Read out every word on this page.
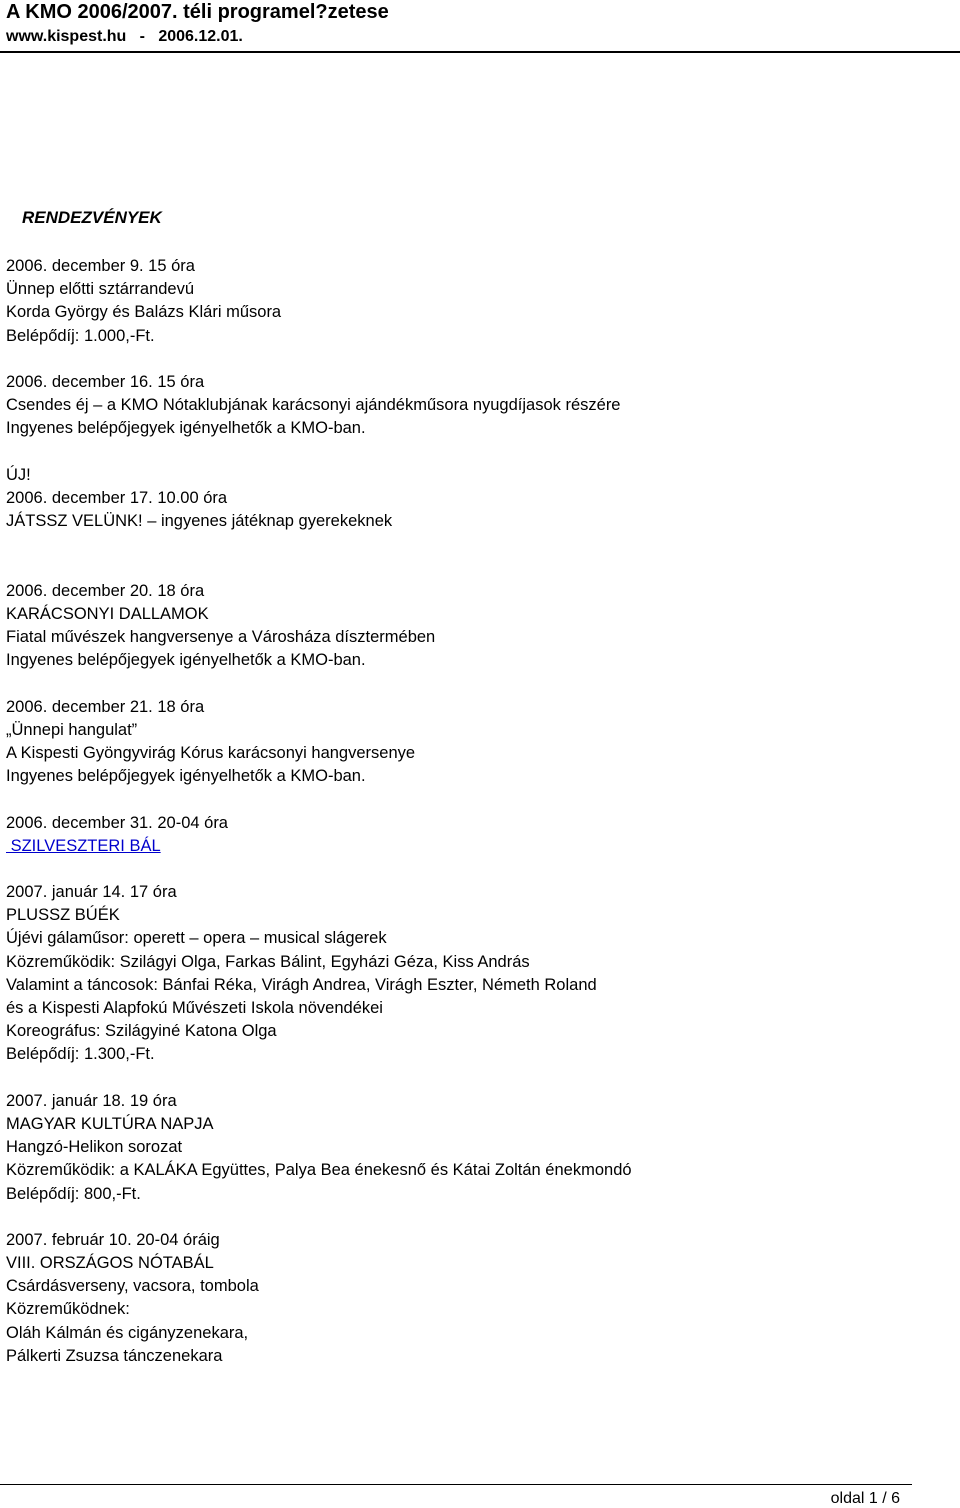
A KMO 2006/2007. téli programel?zetese
www.kispest.hu   -   2006.12.01.
RENDEZVÉNYEK
2006. december 9. 15 óra
Ünnep előtti sztárrandevú
Korda György és Balázs Klári műsora
Belépődíj: 1.000,-Ft.
2006. december 16. 15 óra
Csendes éj – a KMO Nótaklubjának karácsonyi ajándékműsora nyugdíjasok részére
Ingyenes belépőjegyek igényelhetők a KMO-ban.
ÚJ!
2006. december 17. 10.00 óra
JÁTSSZ VELÜNK! – ingyenes játéknap gyerekeknek
2006. december 20. 18 óra
KARÁCSONYI DALLAMOK
Fiatal művészek hangversenye a Városháza dísztermében
Ingyenes belépőjegyek igényelhetők a KMO-ban.
2006. december 21. 18 óra
„Ünnepi hangulat”
A Kispesti Gyöngyvirág Kórus karácsonyi hangversenye
Ingyenes belépőjegyek igényelhetők a KMO-ban.
2006. december 31. 20-04 óra
SZILVESZTERI BÁL
2007. január 14. 17 óra
PLUSSZ BÚÉK
Újévi gálaműsor: operett – opera – musical slágerek
Közreműködik: Szilágyi Olga, Farkas Bálint, Egyházi Géza, Kiss András
Valamint a táncosok: Bánfai Réka, Virágh Andrea, Virágh Eszter, Németh Roland
és a Kispesti Alapfokú Művészeti Iskola növendékei
Koreográfus: Szilágyiné Katona Olga
Belépődíj: 1.300,-Ft.
2007. január 18. 19 óra
MAGYAR KULTÚRA NAPJA
Hangzó-Helikon sorozat
Közreműködik: a KALÁKA Együttes, Palya Bea énekesnő és Kátai Zoltán énekmondó
Belépődíj: 800,-Ft.
2007. február 10. 20-04 óráig
VIII. ORSZÁGOS NÓTABÁL
Csárdásverseny, vacsora, tombola
Közreműködnek:
Oláh Kálmán és cigányzenekara,
Pálkerti Zsuzsa tánczenekara
oldal 1 / 6
